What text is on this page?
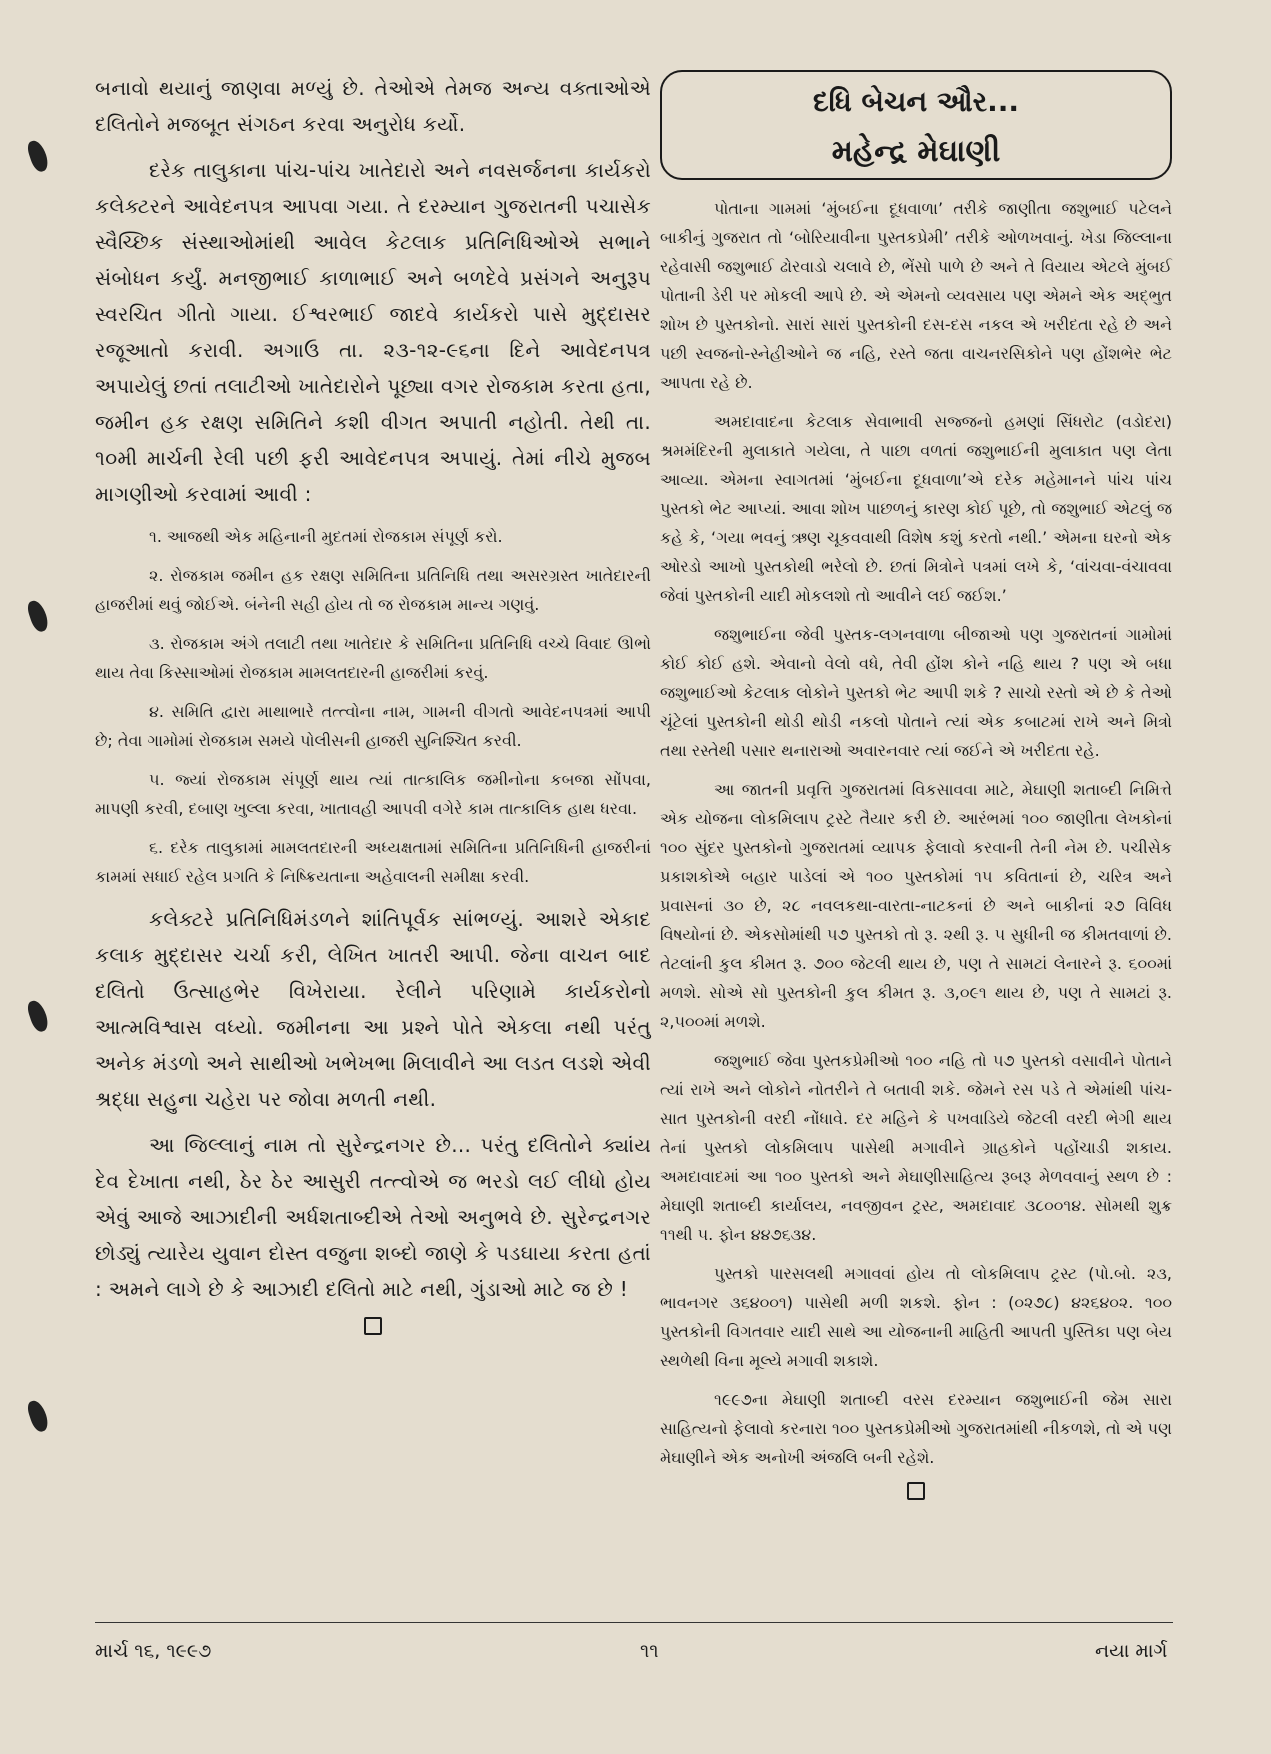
બનાવો થયાનું જાણવા મળ્યું છે. તેઓએ તેમજ અન્ય વક્તાઓએ દલિતોને મજબૂત સંગઠન કરવા અનુરોધ કર્યો.

દરેક તાલુકાના પાંચ-પાંચ ખાતેદારો અને નવસર્જનના કાર્યકરો કલેક્ટરને આવેદનપત્ર આપવા ગયા. તે દરમ્યાન ગુજરાતની પચાસેક સ્વૈચ્છિક સંસ્થાઓમાંથી આવેલ કેટલાક પ્રતિનિધિઓએ સભાને સંબોધન કર્યું. મનજીભાઈ કાળાભાઈ અને બળદેવે પ્રસંગને અનુરૂપ સ્વરચિત ગીતો ગાયા. ઈશ્વરભાઈ જાદવે કાર્યકરો પાસે મુદ્દાસર રજૂઆતો કરાવી. અગાઉ તા. ૨૩-૧૨-૯૬ના દિને આવેદનપત્ર અપાયેલું છતાં તલાટીઓ ખાતેદારોને પૂછ્યા વગર રોજકામ કરતા હતા, જમીન હક રક્ષણ સમિતિને કશી વીગત અપાતી નહોતી. તેથી તા. ૧૦મી માર્ચની રેલી પછી ફરી આવેદનપત્ર અપાયું. તેમાં નીચે મુજબ માગણીઓ કરવામાં આવી :

૧. આજથી એક મહિનાની મુદતમાં રોજકામ સંપૂર્ણ કરો.

૨. રોજકામ જમીન હક રક્ષણ સમિતિના પ્રતિનિધિ તથા અસરગ્રસ્ત ખાતેદારની હાજરીમાં થવું જોઈએ. બંનેની સહી હોય તો જ રોજકામ માન્ય ગણવું.

૩. રોજકામ અંગે તલાટી તથા ખાતેદાર કે સમિતિના પ્રતિનિધિ વચ્ચે વિવાદ ઊભો થાય તેવા કિસ્સાઓમાં રોજકામ મામલતદારની હાજરીમાં કરવું.

૪. સમિતિ દ્વારા માથાભારે તત્ત્વોના નામ, ગામની વીગતો આવેદનપત્રમાં આપી છે; તેવા ગામોમાં રોજકામ સમયે પોલીસની હાજરી સુનિશ્ચિત કરવી.

૫. જ્યાં રોજકામ સંપૂર્ણ થાય ત્યાં તાત્કાલિક જમીનોના કબજા સોંપવા, માપણી કરવી, દબાણ ખુલ્લા કરવા, ખાતાવહી આપવી વગેરે કામ તાત્કાલિક હાથ ધરવા.

૬. દરેક તાલુકામાં મામલતદારની અધ્યક્ષતામાં સમિતિના પ્રતિનિધિની હાજરીનાં કામમાં સધાઈ રહેલ પ્રગતિ કે નિષ્ક્રિયતાના અહેવાલની સમીક્ષા કરવી.

કલેક્ટરે પ્રતિનિધિમંડળને શાંતિપૂર્વક સાંભળ્યું. આશરે એકાદ કલાક મુદ્દાસર ચર્ચા કરી, લેખિત ખાતરી આપી. જેના વાચન બાદ દલિતો ઉત્સાહભેર વિખેરાયા. રેલીને પરિણામે કાર્યકરોનો આત્મવિશ્વાસ વધ્યો. જમીનના આ પ્રશ્ને પોતે એકલા નથી પરંતુ અનેક મંડળો અને સાથીઓ ખભેખભા મિલાવીને આ લડત લડશે એવી શ્રદ્ધા સહુના ચહેરા પર જોવા મળતી નથી.

આ જિલ્લાનું નામ તો સુરેન્દ્રનગર છે... પરંતુ દલિતોને ક્યાંય દેવ દેખાતા નથી, ઠેર ઠેર આસુરી તત્ત્વોએ જ ભરડો લઈ લીધો હોય એવું આજે આઝાદીની અર્ધશતાબ્દીએ તેઓ અનુભવે છે. સુરેન્દ્રનગર છોડ્યું ત્યારેય યુવાન દોસ્ત વજુના શબ્દો જાણે કે પડઘાયા કરતા હતાં : અમને લાગે છે કે આઝાદી દલિતો માટે નથી, ગુંડાઓ માટે જ છે !

દધિ બેચન ઔર...
મહેન્દ્ર મેઘાણી

પોતાના ગામમાં ‘મુંબઈના દૂધવાળા’ તરીકે જાણીતા જશુભાઈ પટેલને બાકીનું ગુજરાત તો ‘બોરિયાવીના પુસ્તકપ્રેમી’ તરીકે ઓળખવાનું. ખેડા જિલ્લાના રહેવાસી જશુભાઈ ઢોરવાડો ચલાવે છે, ભેંસો પાળે છે અને તે વિયાય એટલે મુંબઈ પોતાની ડેરી પર મોકલી આપે છે. એ એમનો વ્યવસાય પણ એમને એક અદ્ભુત શોખ છે પુસ્તકોનો. સારાં સારાં પુસ્તકોની દસ-દસ નકલ એ ખરીદતા રહે છે અને પછી સ્વજનો-સ્નેહીઓને જ નહિ, રસ્તે જતા વાચનરસિકોને પણ હોંશભેર ભેટ આપતા રહે છે.

અમદાવાદના કેટલાક સેવાભાવી સજ્જનો હમણાં સિંધરોટ (વડોદરા) શ્રમમંદિરની મુલાકાતે ગયેલા, તે પાછા વળતાં જશુભાઈની મુલાકાત પણ લેતા આવ્યા. એમના સ્વાગતમાં ‘મુંબઈના દૂધવાળા’એ દરેક મહેમાનને પાંચ પાંચ પુસ્તકો ભેટ આપ્યાં. આવા શોખ પાછળનું કારણ કોઈ પૂછે, તો જશુભાઈ એટલું જ કહે કે, ‘ગયા ભવનું ઋણ ચૂકવવાથી વિશેષ કશું કરતો નથી.’ એમના ઘરનો એક ઓરડો આખો પુસ્તકોથી ભરેલો છે. છતાં મિત્રોને પત્રમાં લખે કે, ‘વાંચવા-વંચાવવા જેવાં પુસ્તકોની યાદી મોકલશો તો આવીને લઈ જઈશ.’

જશુભાઈના જેવી પુસ્તક-લગનવાળા બીજાઓ પણ ગુજરાતનાં ગામોમાં કોઈ કોઈ હશે. એવાનો વેલો વધે, તેવી હોંશ કોને નહિ થાય ? પણ એ બધા જશુભાઈઓ કેટલાક લોકોને પુસ્તકો ભેટ આપી શકે ? સાચો રસ્તો એ છે કે તેઓ ચૂંટેલાં પુસ્તકોની થોડી થોડી નકલો પોતાને ત્યાં એક કબાટમાં રાખે અને મિત્રો તથા રસ્તેથી પસાર થનારાઓ અવારનવાર ત્યાં જઈને એ ખરીદતા રહે.

આ જાતની પ્રવૃત્તિ ગુજરાતમાં વિકસાવવા માટે, મેઘાણી શતાબ્દી નિમિત્તે એક યોજના લોકમિલાપ ટ્રસ્ટે તૈયાર કરી છે. આરંભમાં ૧૦૦ જાણીતા લેખકોનાં ૧૦૦ સુંદર પુસ્તકોનો ગુજરાતમાં વ્યાપક ફેલાવો કરવાની તેની નેમ છે. પચીસેક પ્રકાશકોએ બહાર પાડેલાં એ ૧૦૦ પુસ્તકોમાં ૧૫ કવિતાનાં છે, ચરિત્ર અને પ્રવાસનાં ૩૦ છે, ૨૮ નવલકથા-વારતા-નાટકનાં છે અને બાકીનાં ૨૭ વિવિધ વિષયોનાં છે. એકસોમાંથી ૫૭ પુસ્તકો તો રૂ. ૨થી રૂ. ૫ સુધીની જ કીમતવાળાં છે. તેટલાંની કુલ કીમત રૂ. ૭૦૦ જેટલી થાય છે, પણ તે સામટાં લેનારને રૂ. ૬૦૦માં મળશે. સોએ સો પુસ્તકોની કુલ કીમત રૂ. ૩,૦૯૧ થાય છે, પણ તે સામટાં રૂ. ૨,૫૦૦માં મળશે.

જશુભાઈ જેવા પુસ્તકપ્રેમીઓ ૧૦૦ નહિ તો ૫૭ પુસ્તકો વસાવીને પોતાને ત્યાં રાખે અને લોકોને નોતરીને તે બતાવી શકે. જેમને રસ પડે તે એમાંથી પાંચ-સાત પુસ્તકોની વરદી નોંધાવે. દર મહિને કે પખવાડિયે જેટલી વરદી ભેગી થાય તેનાં પુસ્તકો લોકમિલાપ પાસેથી મગાવીને ગ્રાહકોને પહોંચાડી શકાય. અમદાવાદમાં આ ૧૦૦ પુસ્તકો અને મેઘાણીસાહિત્ય રૂબરૂ મેળવવાનું સ્થળ છે : મેઘાણી શતાબ્દી કાર્યાલય, નવજીવન ટ્રસ્ટ, અમદાવાદ ૩૮૦૦૧૪. સોમથી શુક્ર ૧૧થી ૫. ફોન ૪૪૭૬૩૪.

પુસ્તકો પારસલથી મગાવવાં હોય તો લોકમિલાપ ટ્રસ્ટ (પો.બો. ૨૩, ભાવનગર ૩૬૪૦૦૧) પાસેથી મળી શકશે. ફોન : (૦૨૭૮) ૪૨૬૪૦૨. ૧૦૦ પુસ્તકોની વિગતવાર યાદી સાથે આ યોજનાની માહિતી આપતી પુસ્તિકા પણ બેય સ્થળેથી વિના મૂલ્યે મગાવી શકાશે.

૧૯૯૭ના મેઘાણી શતાબ્દી વરસ દરમ્યાન જશુભાઈની જેમ સારા સાહિત્યનો ફેલાવો કરનારા ૧૦૦ પુસ્તકપ્રેમીઓ ગુજરાતમાંથી નીકળશે, તો એ પણ મેઘાણીને એક અનોખી અંજલિ બની રહેશે.

માર્ચ ૧૬, ૧૯૯૭	૧૧	નયા માર્ગ
